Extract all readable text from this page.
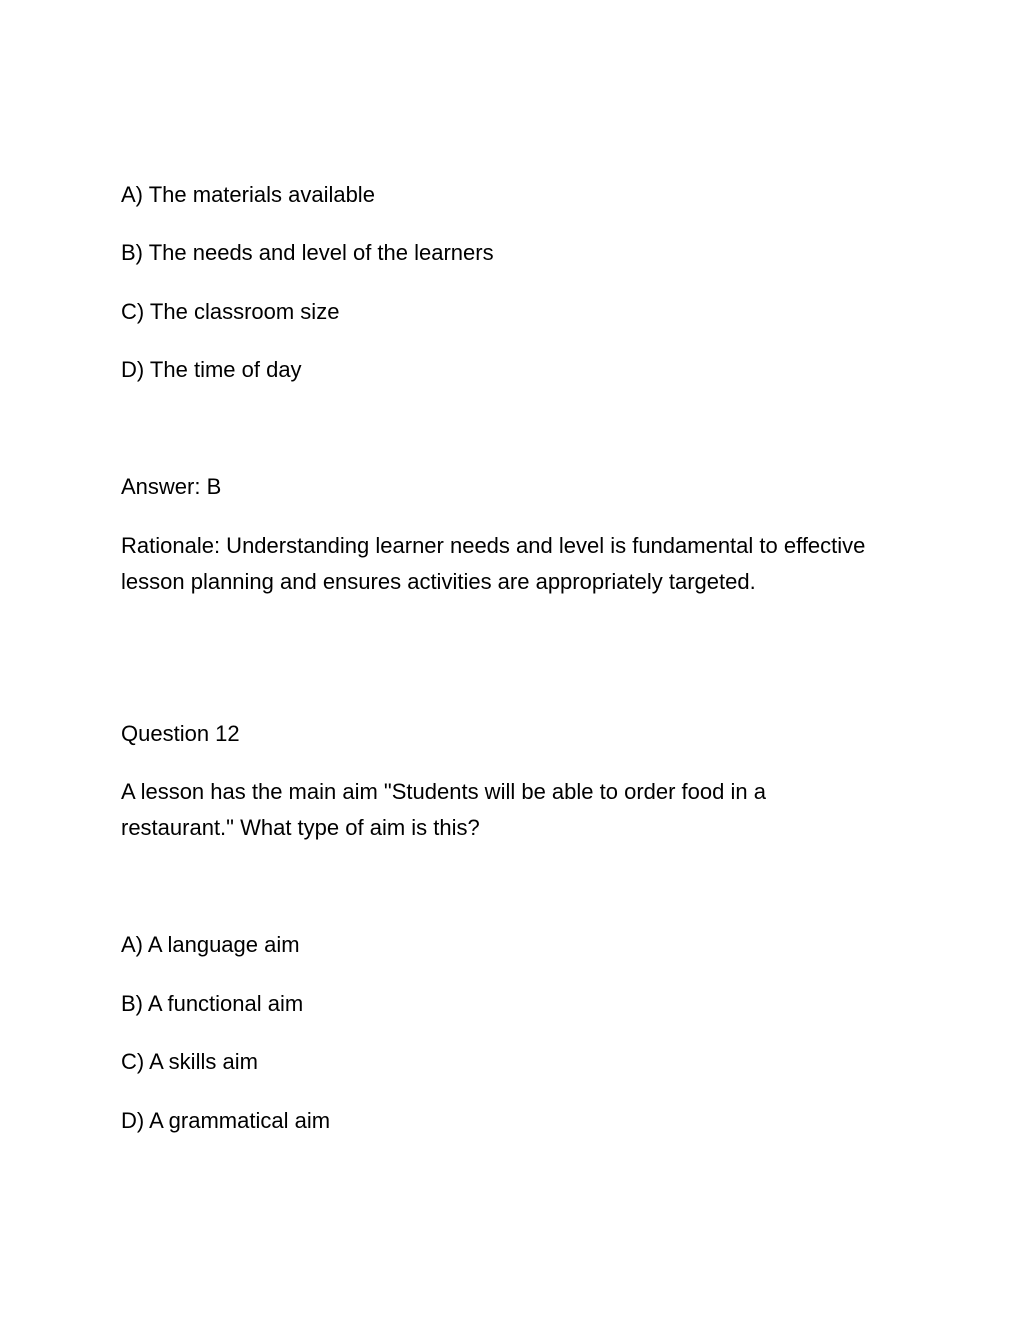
A) The materials available
B) The needs and level of the learners
C) The classroom size
D) The time of day
Answer: B
Rationale: Understanding learner needs and level is fundamental to effective lesson planning and ensures activities are appropriately targeted.
Question 12
A lesson has the main aim "Students will be able to order food in a restaurant." What type of aim is this?
A) A language aim
B) A functional aim
C) A skills aim
D) A grammatical aim
